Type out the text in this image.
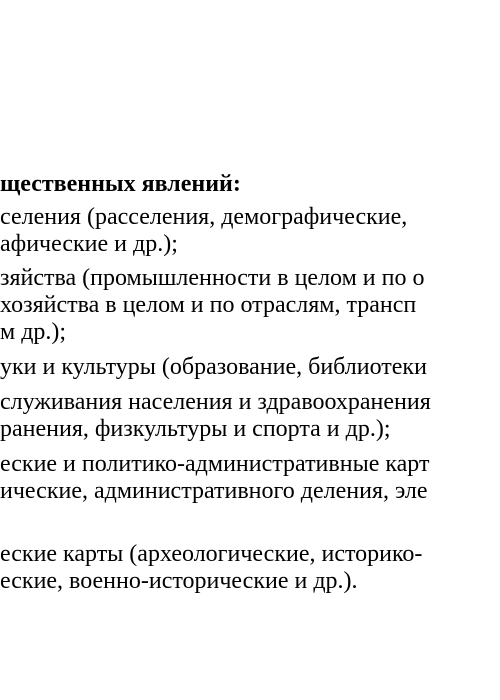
щественных явлений:
селения (расселения, демографические,
афические и др.);
зяйства (промышленности в целом и по о
хозяйства в целом и по отраслям, трансп
м др.);
уки и культуры (образование, библиотеки
служивания населения и здравоохранения
ранения, физкультуры и спорта и др.);
еские и политико-административные карт
ические, административного деления, эле
еские карты (археологические, историко-
еские, военно-исторические и др.).
